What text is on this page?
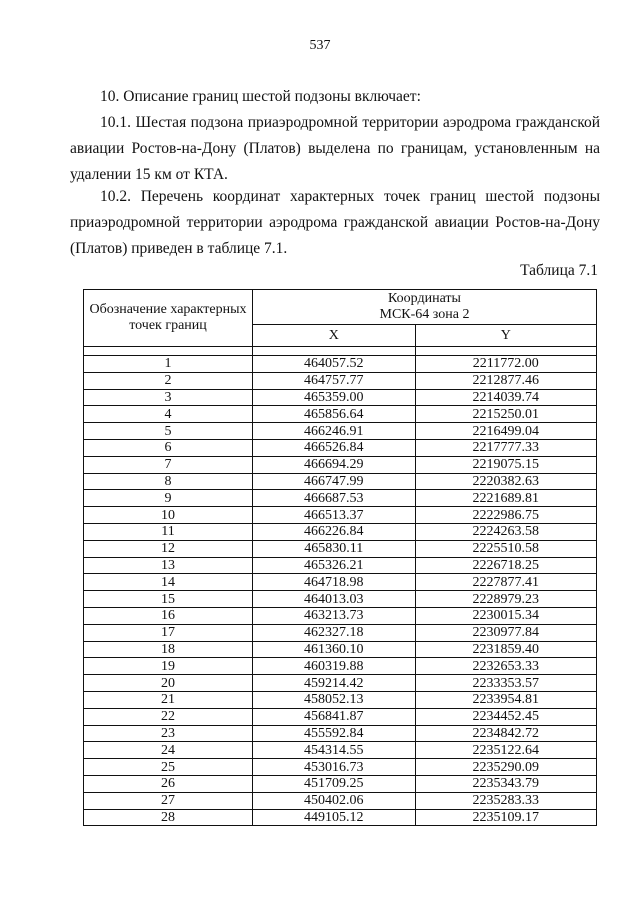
537
10. Описание границ шестой подзоны включает:
10.1. Шестая подзона приаэродромной территории аэродрома гражданской авиации Ростов-на-Дону (Платов) выделена по границам, установленным на удалении 15 км от КТА.
10.2. Перечень координат характерных точек границ шестой подзоны приаэродромной территории аэродрома гражданской авиации Ростов-на-Дону (Платов) приведен в таблице 7.1.
Таблица 7.1
Обозначение характерных точек границ	Координаты
МСК-64 зона 2	

	X	Y

1	464057.52	2211772.00
2	464757.77	2212877.46
3	465359.00	2214039.74
4	465856.64	2215250.01
5	466246.91	2216499.04
6	466526.84	2217777.33
7	466694.29	2219075.15
8	466747.99	2220382.63
9	466687.53	2221689.81
10	466513.37	2222986.75
11	466226.84	2224263.58
12	465830.11	2225510.58
13	465326.21	2226718.25
14	464718.98	2227877.41
15	464013.03	2228979.23
16	463213.73	2230015.34
17	462327.18	2230977.84
18	461360.10	2231859.40
19	460319.88	2232653.33
20	459214.42	2233353.57
21	458052.13	2233954.81
22	456841.87	2234452.45
23	455592.84	2234842.72
24	454314.55	2235122.64
25	453016.73	2235290.09
26	451709.25	2235343.79
27	450402.06	2235283.33
28	449105.12	2235109.17
